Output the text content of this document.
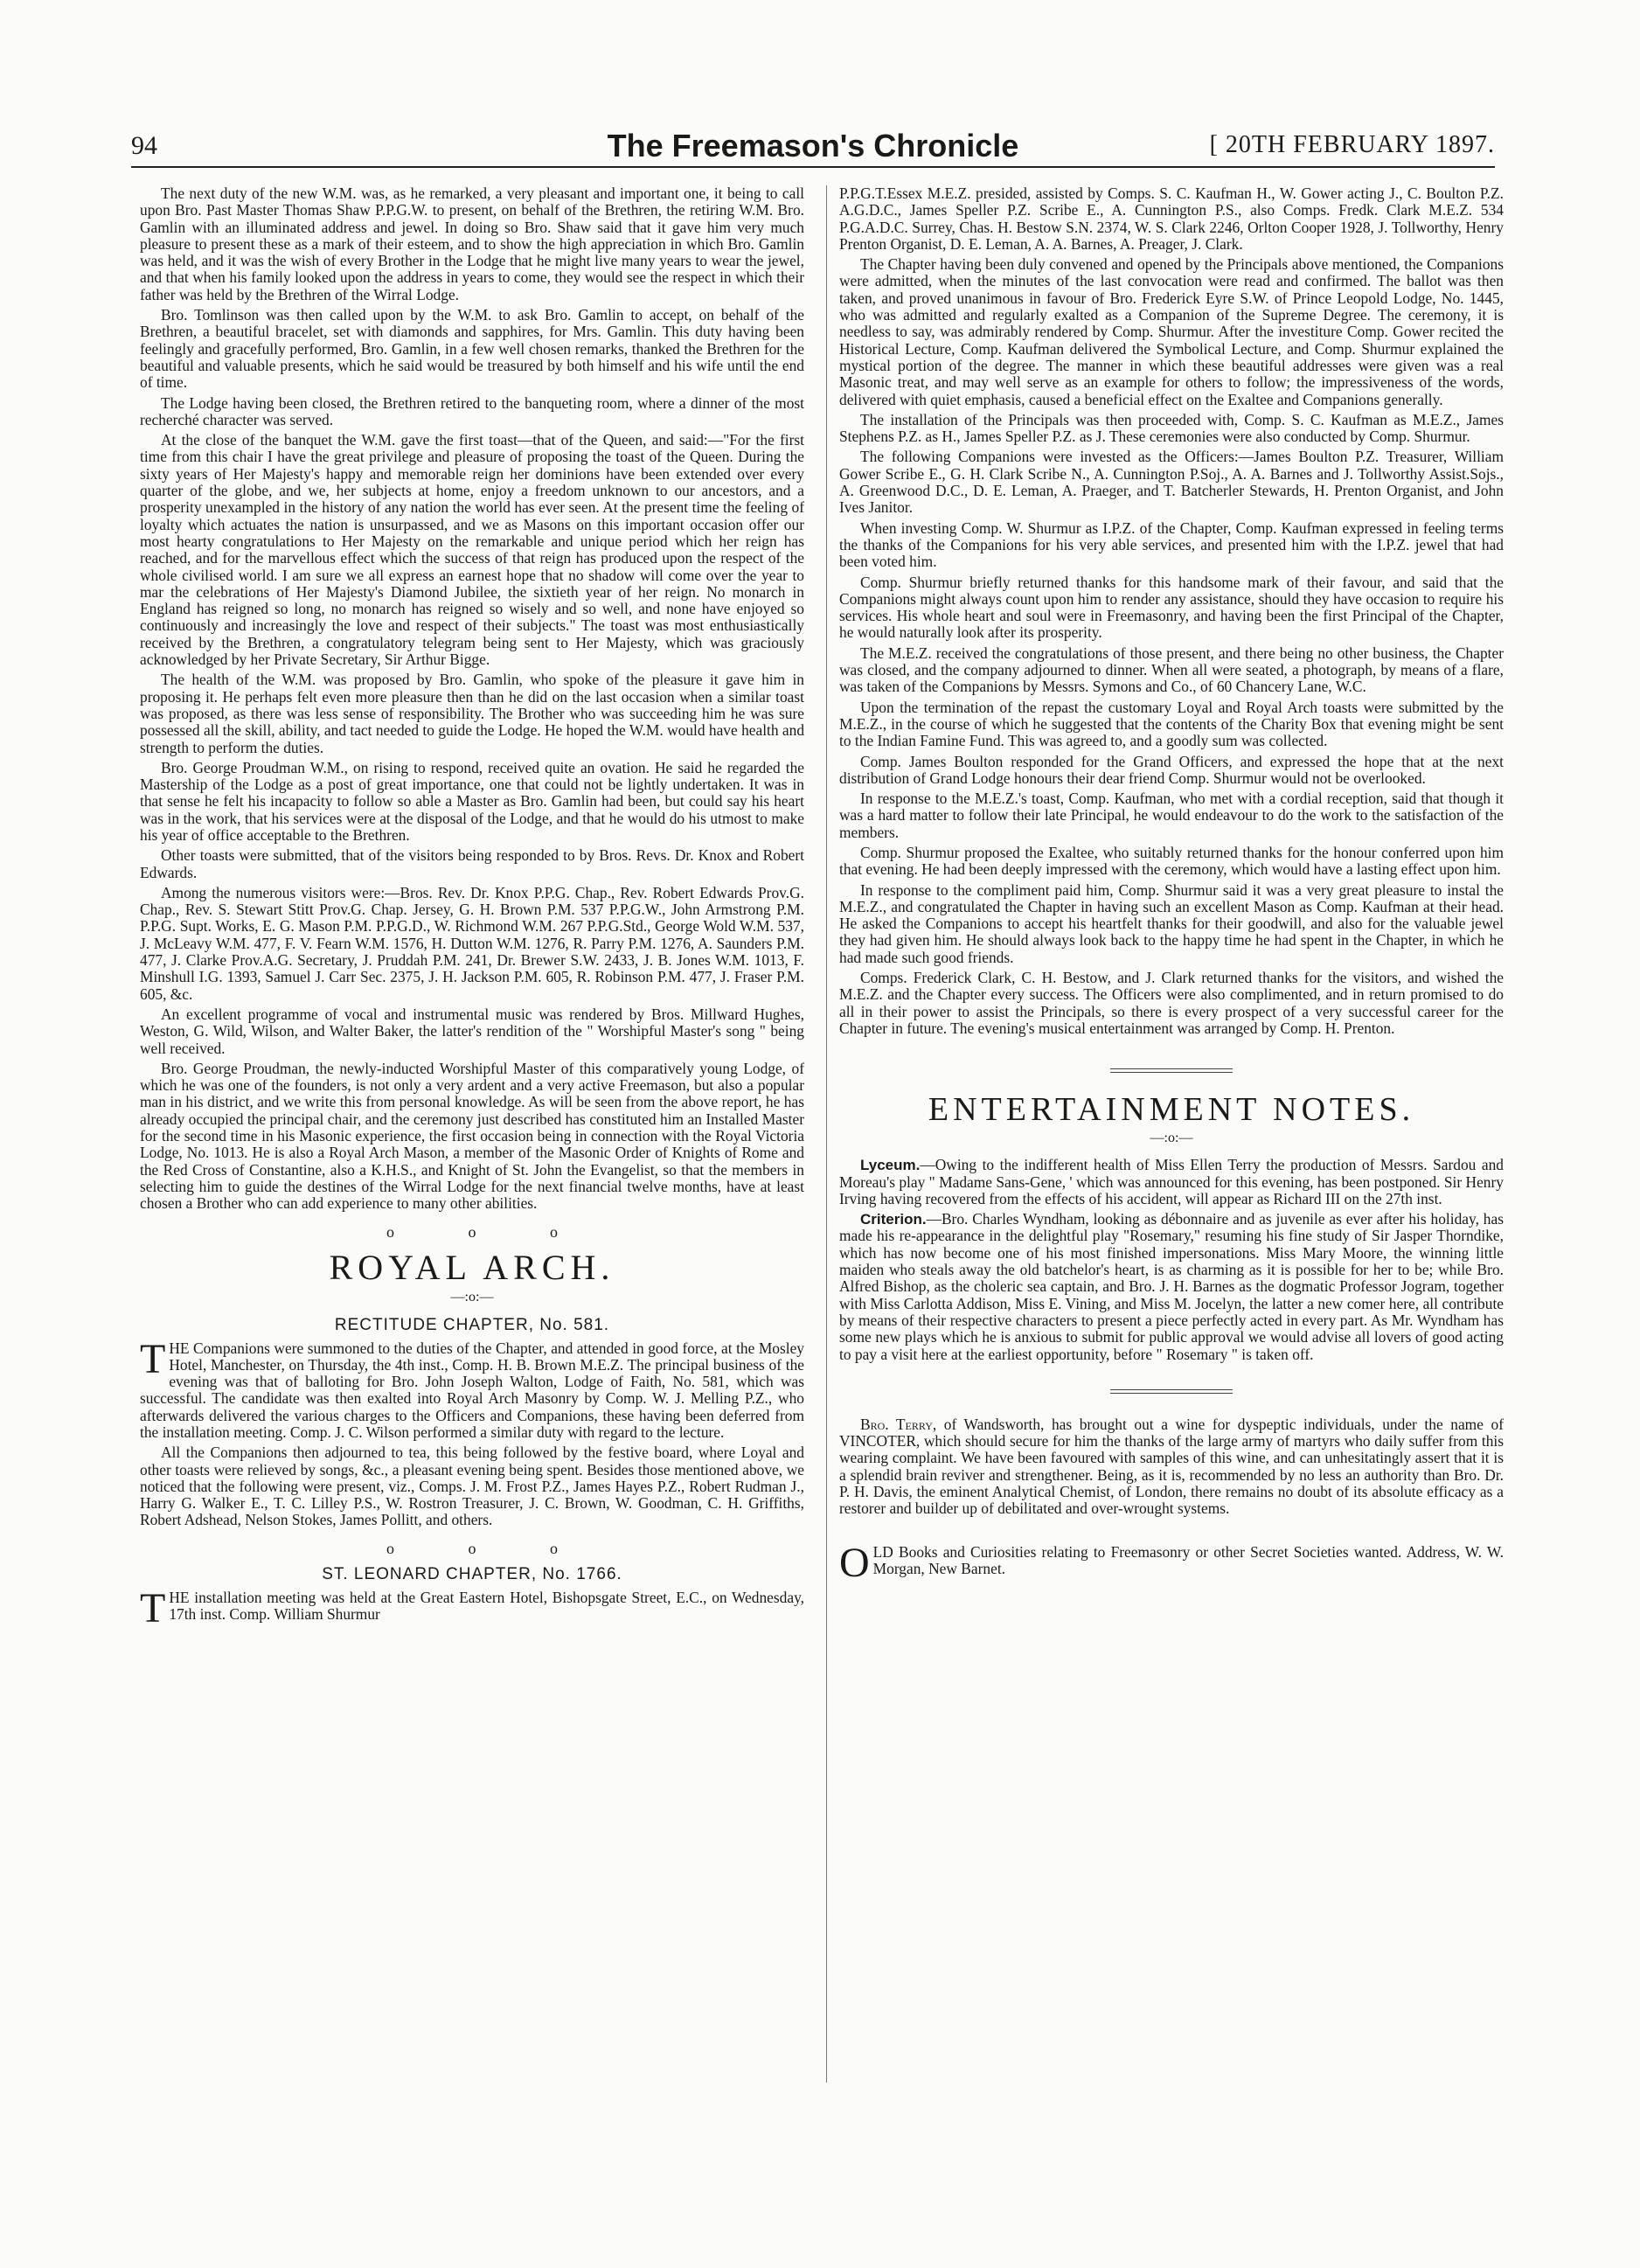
94	The Freemason's Chronicle	[ 20TH FEBRUARY 1897.

The next duty of the new W.M. was, as he remarked, a very pleasant and important one, it being to call upon Bro. Past Master Thomas Shaw P.P.G.W. to present, on behalf of the Brethren, the retiring W.M. Bro. Gamlin with an illuminated address and jewel. In doing so Bro. Shaw said that it gave him very much pleasure to present these as a mark of their esteem, and to show the high appreciation in which Bro. Gamlin was held, and it was the wish of every Brother in the Lodge that he might live many years to wear the jewel, and that when his family looked upon the address in years to come, they would see the respect in which their father was held by the Brethren of the Wirral Lodge.

Bro. Tomlinson was then called upon by the W.M. to ask Bro. Gamlin to accept, on behalf of the Brethren, a beautiful bracelet, set with diamonds and sapphires, for Mrs. Gamlin. This duty having been feelingly and gracefully performed, Bro. Gamlin, in a few well chosen remarks, thanked the Brethren for the beautiful and valuable presents, which he said would be treasured by both himself and his wife until the end of time.

The Lodge having been closed, the Brethren retired to the banqueting room, where a dinner of the most recherché character was served.

At the close of the banquet the W.M. gave the first toast—that of the Queen, and said:—"For the first time from this chair I have the great privilege and pleasure of proposing the toast of the Queen. During the sixty years of Her Majesty's happy and memorable reign her dominions have been extended over every quarter of the globe, and we, her subjects at home, enjoy a freedom unknown to our ancestors, and a prosperity unexampled in the history of any nation the world has ever seen. At the present time the feeling of loyalty which actuates the nation is unsurpassed, and we as Masons on this important occasion offer our most hearty congratulations to Her Majesty on the remarkable and unique period which her reign has reached, and for the marvellous effect which the success of that reign has produced upon the respect of the whole civilised world. I am sure we all express an earnest hope that no shadow will come over the year to mar the celebrations of Her Majesty's Diamond Jubilee, the sixtieth year of her reign. No monarch in England has reigned so long, no monarch has reigned so wisely and so well, and none have enjoyed so continuously and increasingly the love and respect of their subjects." The toast was most enthusiastically received by the Brethren, a congratulatory telegram being sent to Her Majesty, which was graciously acknowledged by her Private Secretary, Sir Arthur Bigge.

The health of the W.M. was proposed by Bro. Gamlin, who spoke of the pleasure it gave him in proposing it. He perhaps felt even more pleasure then than he did on the last occasion when a similar toast was proposed, as there was less sense of responsibility. The Brother who was succeeding him he was sure possessed all the skill, ability, and tact needed to guide the Lodge. He hoped the W.M. would have health and strength to perform the duties.

Bro. George Proudman W.M., on rising to respond, received quite an ovation. He said he regarded the Mastership of the Lodge as a post of great importance, one that could not be lightly undertaken. It was in that sense he felt his incapacity to follow so able a Master as Bro. Gamlin had been, but could say his heart was in the work, that his services were at the disposal of the Lodge, and that he would do his utmost to make his year of office acceptable to the Brethren.

Other toasts were submitted, that of the visitors being responded to by Bros. Revs. Dr. Knox and Robert Edwards.

Among the numerous visitors were:—Bros. Rev. Dr. Knox P.P.G. Chap., Rev. Robert Edwards Prov.G. Chap., Rev. S. Stewart Stitt Prov.G. Chap. Jersey, G. H. Brown P.M. 537 P.P.G.W., John Armstrong P.M. P.P.G. Supt. Works, E. G. Mason P.M. P.P.G.D., W. Richmond W.M. 267 P.P.G.Std., George Wold W.M. 537, J. McLeavy W.M. 477, F. V. Fearn W.M. 1576, H. Dutton W.M. 1276, R. Parry P.M. 1276, A. Saunders P.M. 477, J. Clarke Prov.A.G. Secretary, J. Pruddah P.M. 241, Dr. Brewer S.W. 2433, J. B. Jones W.M. 1013, F. Minshull I.G. 1393, Samuel J. Carr Sec. 2375, J. H. Jackson P.M. 605, R. Robinson P.M. 477, J. Fraser P.M. 605, &c.

An excellent programme of vocal and instrumental music was rendered by Bros. Millward Hughes, Weston, G. Wild, Wilson, and Walter Baker, the latter's rendition of the " Worshipful Master's song " being well received.

Bro. George Proudman, the newly-inducted Worshipful Master of this comparatively young Lodge, of which he was one of the founders, is not only a very ardent and a very active Freemason, but also a popular man in his district, and we write this from personal knowledge. As will be seen from the above report, he has already occupied the principal chair, and the ceremony just described has constituted him an Installed Master for the second time in his Masonic experience, the first occasion being in connection with the Royal Victoria Lodge, No. 1013. He is also a Royal Arch Mason, a member of the Masonic Order of Knights of Rome and the Red Cross of Constantine, also a K.H.S., and Knight of St. John the Evangelist, so that the members in selecting him to guide the destines of the Wirral Lodge for the next financial twelve months, have at least chosen a Brother who can add experience to many other abilities.

o o o
ROYAL ARCH.
—:o:—
RECTITUDE CHAPTER, No. 581.

THE Companions were summoned to the duties of the Chapter, and attended in good force, at the Mosley Hotel, Manchester, on Thursday, the 4th inst., Comp. H. B. Brown M.E.Z. The principal business of the evening was that of balloting for Bro. John Joseph Walton, Lodge of Faith, No. 581, which was successful. The candidate was then exalted into Royal Arch Masonry by Comp. W. J. Melling P.Z., who afterwards delivered the various charges to the Officers and Companions, these having been deferred from the installation meeting. Comp. J. C. Wilson performed a similar duty with regard to the lecture.

All the Companions then adjourned to tea, this being followed by the festive board, where Loyal and other toasts were relieved by songs, &c., a pleasant evening being spent. Besides those mentioned above, we noticed that the following were present, viz., Comps. J. M. Frost P.Z., James Hayes P.Z., Robert Rudman J., Harry G. Walker E., T. C. Lilley P.S., W. Rostron Treasurer, J. C. Brown, W. Goodman, C. H. Griffiths, Robert Adshead, Nelson Stokes, James Pollitt, and others.

o o o
ST. LEONARD CHAPTER, No. 1766.

THE installation meeting was held at the Great Eastern Hotel, Bishopsgate Street, E.C., on Wednesday, 17th inst. Comp. William Shurmur

P.P.G.T.Essex M.E.Z. presided, assisted by Comps. S. C. Kaufman H., W. Gower acting J., C. Boulton P.Z. A.G.D.C., James Speller P.Z. Scribe E., A. Cunnington P.S., also Comps. Fredk. Clark M.E.Z. 534 P.G.A.D.C. Surrey, Chas. H. Bestow S.N. 2374, W. S. Clark 2246, Orlton Cooper 1928, J. Tollworthy, Henry Prenton Organist, D. E. Leman, A. A. Barnes, A. Preager, J. Clark.

The Chapter having been duly convened and opened by the Principals above mentioned, the Companions were admitted, when the minutes of the last convocation were read and confirmed. The ballot was then taken, and proved unanimous in favour of Bro. Frederick Eyre S.W. of Prince Leopold Lodge, No. 1445, who was admitted and regularly exalted as a Companion of the Supreme Degree. The ceremony, it is needless to say, was admirably rendered by Comp. Shurmur. After the investiture Comp. Gower recited the Historical Lecture, Comp. Kaufman delivered the Symbolical Lecture, and Comp. Shurmur explained the mystical portion of the degree. The manner in which these beautiful addresses were given was a real Masonic treat, and may well serve as an example for others to follow; the impressiveness of the words, delivered with quiet emphasis, caused a beneficial effect on the Exaltee and Companions generally.

The installation of the Principals was then proceeded with, Comp. S. C. Kaufman as M.E.Z., James Stephens P.Z. as H., James Speller P.Z. as J. These ceremonies were also conducted by Comp. Shurmur.

The following Companions were invested as the Officers:—James Boulton P.Z. Treasurer, William Gower Scribe E., G. H. Clark Scribe N., A. Cunnington P.Soj., A. A. Barnes and J. Tollworthy Assist.Sojs., A. Greenwood D.C., D. E. Leman, A. Praeger, and T. Batcherler Stewards, H. Prenton Organist, and John Ives Janitor.

When investing Comp. W. Shurmur as I.P.Z. of the Chapter, Comp. Kaufman expressed in feeling terms the thanks of the Companions for his very able services, and presented him with the I.P.Z. jewel that had been voted him.

Comp. Shurmur briefly returned thanks for this handsome mark of their favour, and said that the Companions might always count upon him to render any assistance, should they have occasion to require his services. His whole heart and soul were in Freemasonry, and having been the first Principal of the Chapter, he would naturally look after its prosperity.

The M.E.Z. received the congratulations of those present, and there being no other business, the Chapter was closed, and the company adjourned to dinner. When all were seated, a photograph, by means of a flare, was taken of the Companions by Messrs. Symons and Co., of 60 Chancery Lane, W.C.

Upon the termination of the repast the customary Loyal and Royal Arch toasts were submitted by the M.E.Z., in the course of which he suggested that the contents of the Charity Box that evening might be sent to the Indian Famine Fund. This was agreed to, and a goodly sum was collected.

Comp. James Boulton responded for the Grand Officers, and expressed the hope that at the next distribution of Grand Lodge honours their dear friend Comp. Shurmur would not be overlooked.

In response to the M.E.Z.'s toast, Comp. Kaufman, who met with a cordial reception, said that though it was a hard matter to follow their late Principal, he would endeavour to do the work to the satisfaction of the members.

Comp. Shurmur proposed the Exaltee, who suitably returned thanks for the honour conferred upon him that evening. He had been deeply impressed with the ceremony, which would have a lasting effect upon him.

In response to the compliment paid him, Comp. Shurmur said it was a very great pleasure to instal the M.E.Z., and congratulated the Chapter in having such an excellent Mason as Comp. Kaufman at their head. He asked the Companions to accept his heartfelt thanks for their goodwill, and also for the valuable jewel they had given him. He should always look back to the happy time he had spent in the Chapter, in which he had made such good friends.

Comps. Frederick Clark, C. H. Bestow, and J. Clark returned thanks for the visitors, and wished the M.E.Z. and the Chapter every success. The Officers were also complimented, and in return promised to do all in their power to assist the Principals, so there is every prospect of a very successful career for the Chapter in future. The evening's musical entertainment was arranged by Comp. H. Prenton.

ENTERTAINMENT NOTES.
—:o:—

Lyceum.—Owing to the indifferent health of Miss Ellen Terry the production of Messrs. Sardou and Moreau's play " Madame Sans-Gene, ' which was announced for this evening, has been postponed. Sir Henry Irving having recovered from the effects of his accident, will appear as Richard III on the 27th inst.

Criterion.—Bro. Charles Wyndham, looking as débonnaire and as juvenile as ever after his holiday, has made his re-appearance in the delightful play "Rosemary," resuming his fine study of Sir Jasper Thorndike, which has now become one of his most finished impersonations. Miss Mary Moore, the winning little maiden who steals away the old batchelor's heart, is as charming as it is possible for her to be; while Bro. Alfred Bishop, as the choleric sea captain, and Bro. J. H. Barnes as the dogmatic Professor Jogram, together with Miss Carlotta Addison, Miss E. Vining, and Miss M. Jocelyn, the latter a new comer here, all contribute by means of their respective characters to present a piece perfectly acted in every part. As Mr. Wyndham has some new plays which he is anxious to submit for public approval we would advise all lovers of good acting to pay a visit here at the earliest opportunity, before " Rosemary " is taken off.

Bro. Terry, of Wandsworth, has brought out a wine for dyspeptic individuals, under the name of VINCOTER, which should secure for him the thanks of the large army of martyrs who daily suffer from this wearing complaint. We have been favoured with samples of this wine, and can unhesitatingly assert that it is a splendid brain reviver and strengthener. Being, as it is, recommended by no less an authority than Bro. Dr. P. H. Davis, the eminent Analytical Chemist, of London, there remains no doubt of its absolute efficacy as a restorer and builder up of debilitated and over-wrought systems.

OLD Books and Curiosities relating to Freemasonry or other Secret Societies wanted. Address, W. W. Morgan, New Barnet.
